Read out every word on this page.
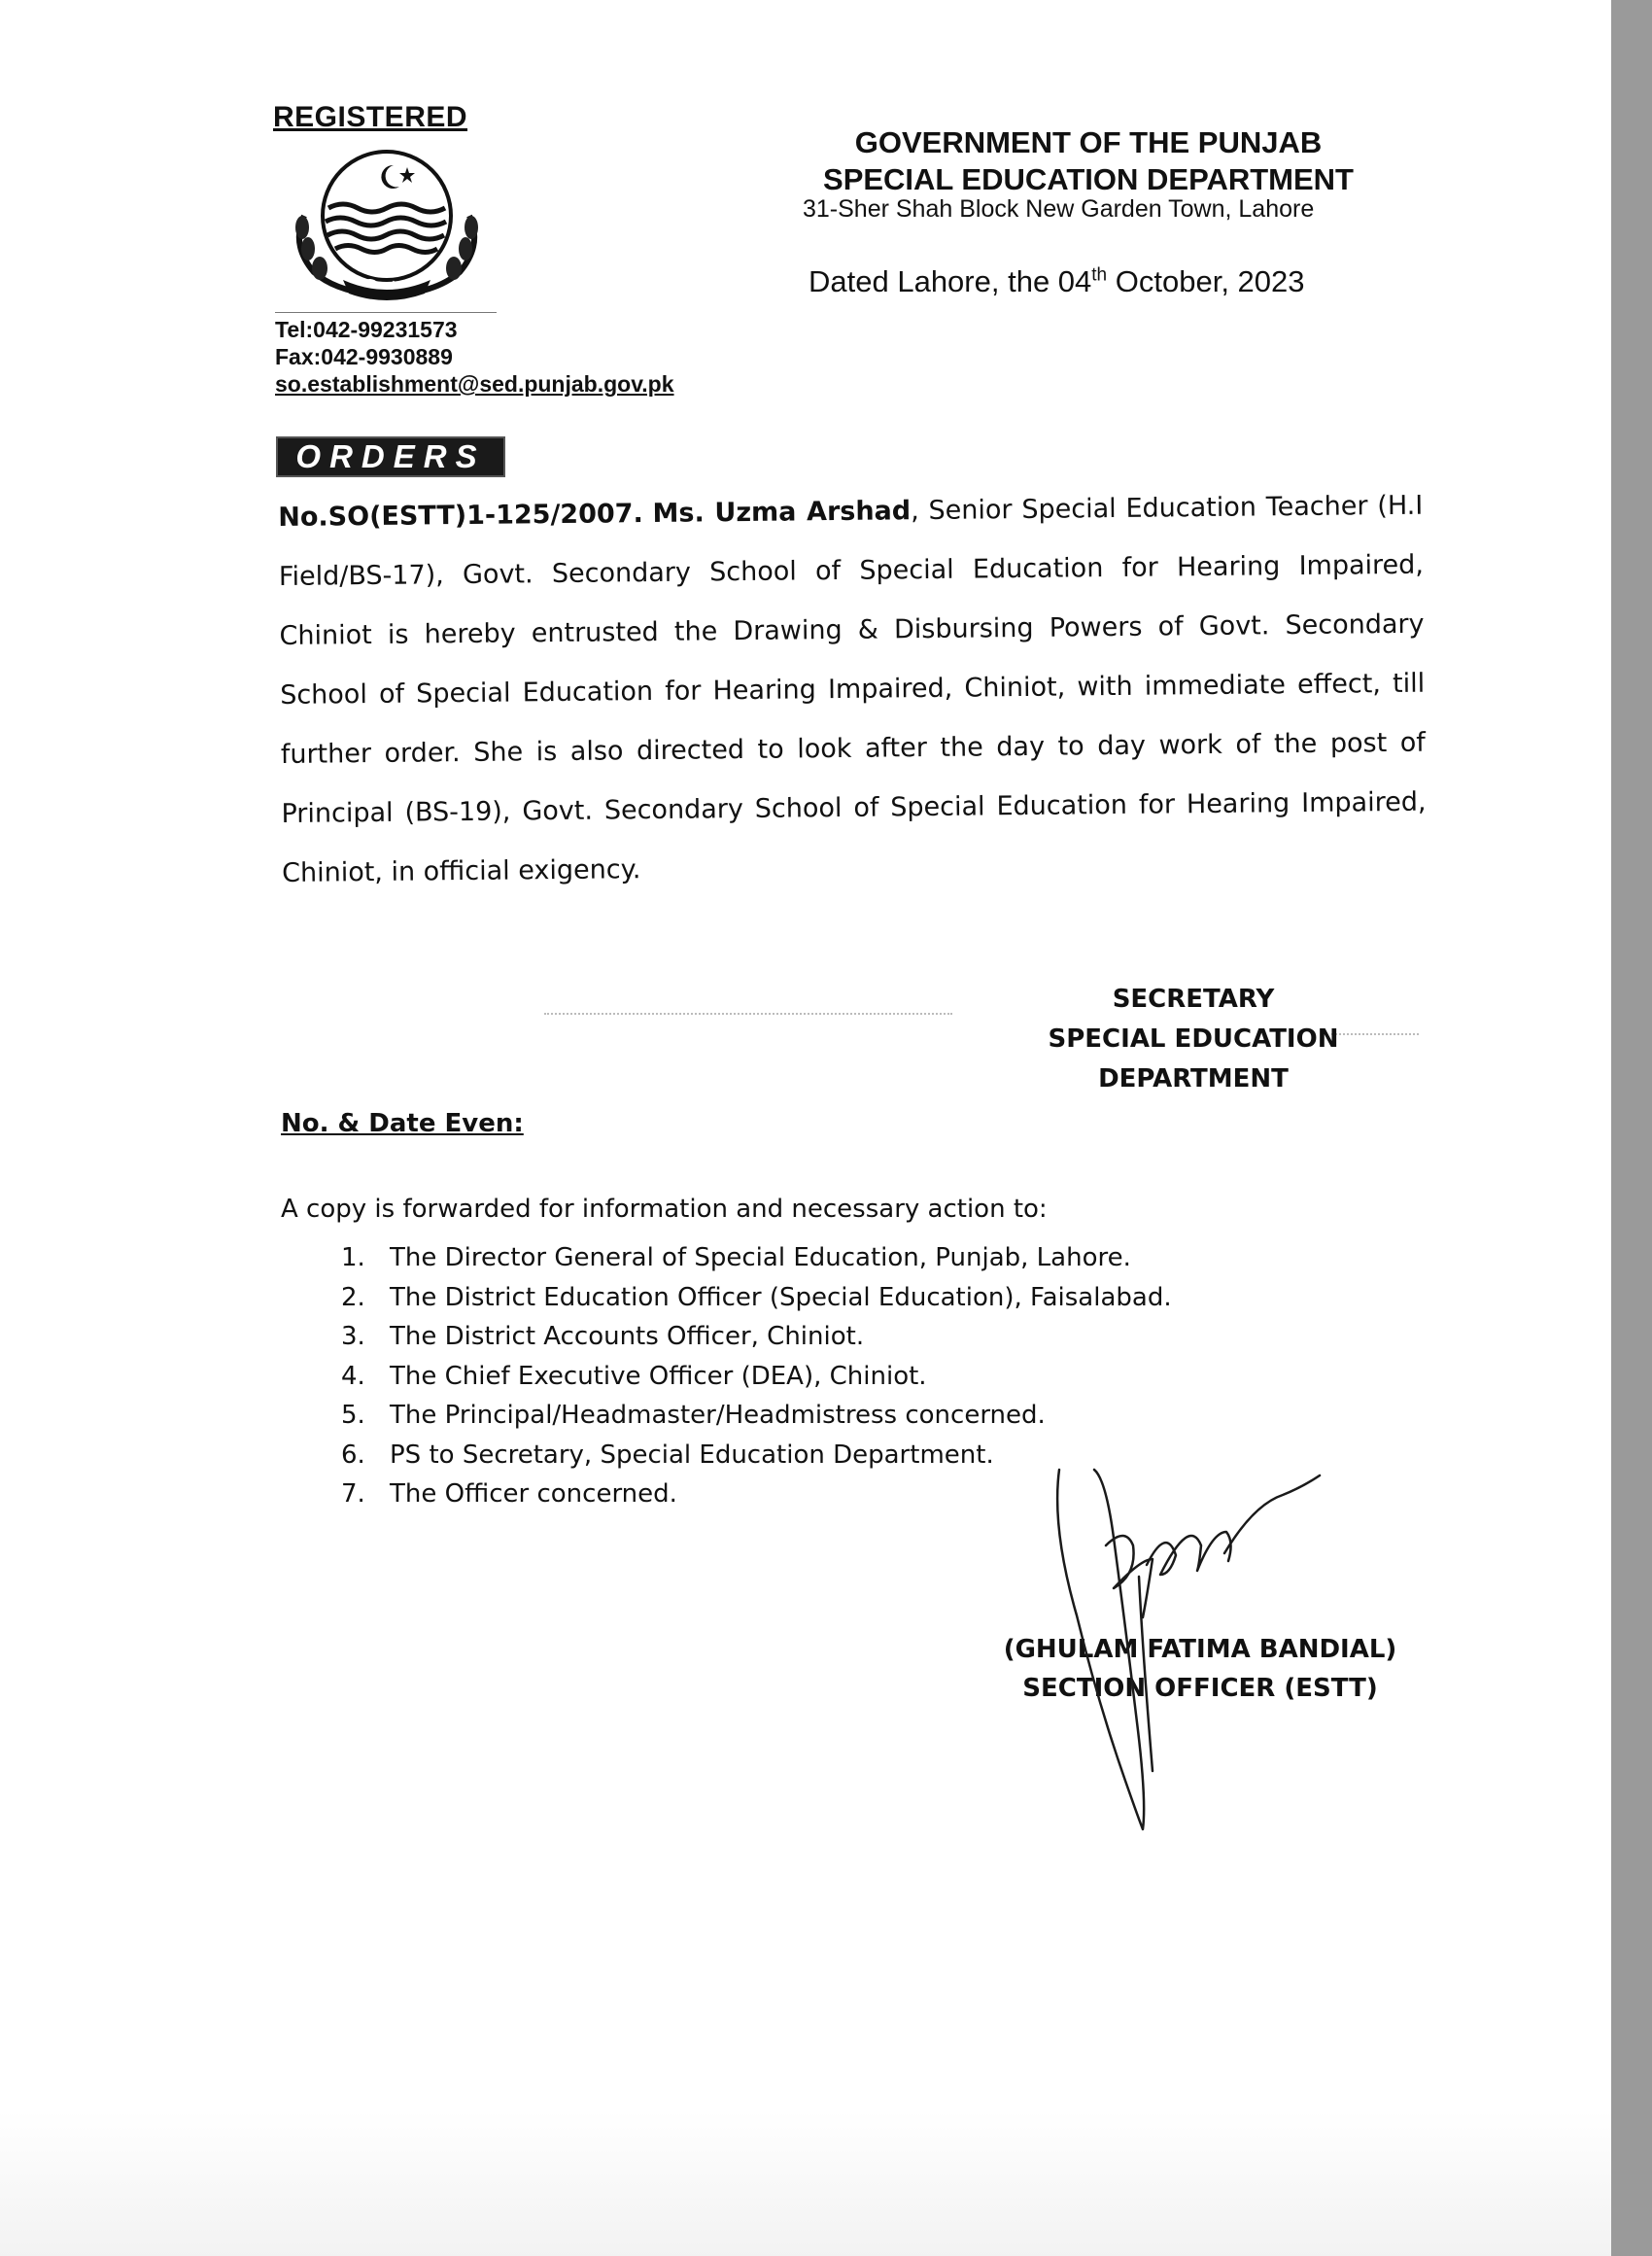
REGISTERED
Tel:042-99231573
Fax:042-9930889
so.establishment@sed.punjab.gov.pk
GOVERNMENT OF THE PUNJAB
SPECIAL EDUCATION DEPARTMENT
31-Sher Shah Block New Garden Town, Lahore
Dated Lahore, the 04th October, 2023
ORDERS
No.SO(ESTT)1-125/2007. Ms. Uzma Arshad, Senior Special Education Teacher (H.I Field/BS-17), Govt. Secondary School of Special Education for Hearing Impaired, Chiniot is hereby entrusted the Drawing & Disbursing Powers of Govt. Secondary School of Special Education for Hearing Impaired, Chiniot, with immediate effect, till further order. She is also directed to look after the day to day work of the post of Principal (BS-19), Govt. Secondary School of Special Education for Hearing Impaired, Chiniot, in official exigency.
SECRETARY
SPECIAL EDUCATION
DEPARTMENT
No. & Date Even:
A copy is forwarded for information and necessary action to:
1. The Director General of Special Education, Punjab, Lahore.
2. The District Education Officer (Special Education), Faisalabad.
3. The District Accounts Officer, Chiniot.
4. The Chief Executive Officer (DEA), Chiniot.
5. The Principal/Headmaster/Headmistress concerned.
6. PS to Secretary, Special Education Department.
7. The Officer concerned.
(GHULAM FATIMA BANDIAL)
SECTION OFFICER (ESTT)
